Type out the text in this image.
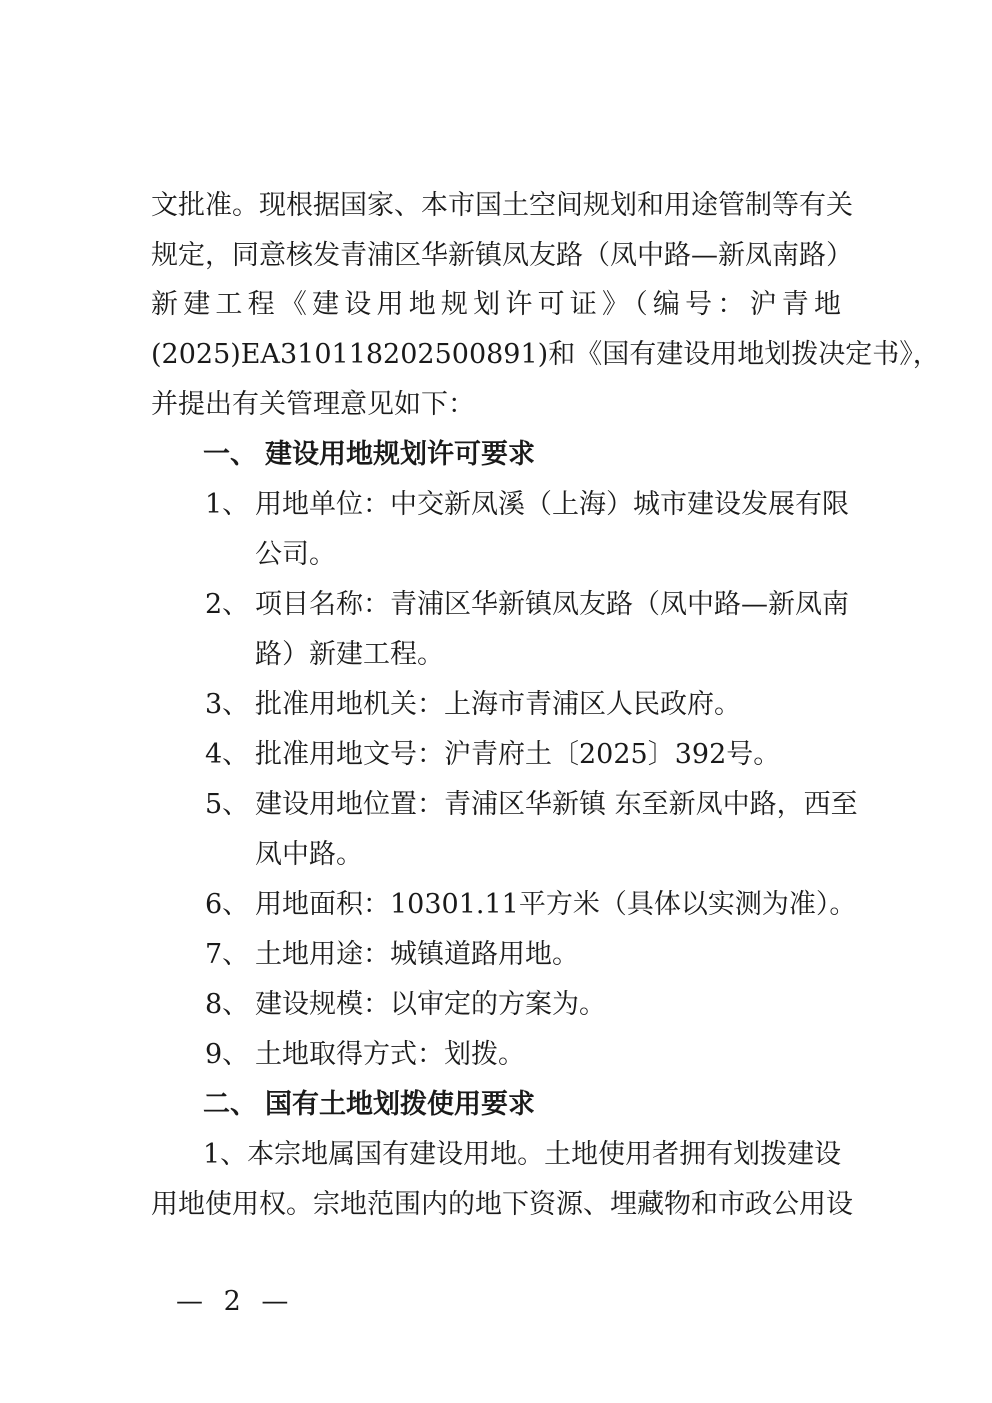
文批准。现根据国家、本市国土空间规划和用途管制等有关
规定，同意核发青浦区华新镇凤友路（凤中路—新凤南路）
新建工程《建设用地规划许可证》（编号：沪青地
(2025)EA310118202500891)和《国有建设用地划拨决定书》，
并提出有关管理意见如下：
一、 建设用地规划许可要求
1、 用地单位：中交新凤溪（上海）城市建设发展有限
公司。
2、 项目名称：青浦区华新镇凤友路（凤中路—新凤南
路）新建工程。
3、 批准用地机关：上海市青浦区人民政府。
4、 批准用地文号：沪青府土〔2025〕392号。
5、 建设用地位置：青浦区华新镇 东至新凤中路，西至
凤中路。
6、 用地面积：10301.11平方米（具体以实测为准）。
7、 土地用途：城镇道路用地。
8、 建设规模：以审定的方案为。
9、 土地取得方式：划拨。
二、 国有土地划拨使用要求
1、本宗地属国有建设用地。土地使用者拥有划拨建设
用地使用权。宗地范围内的地下资源、埋藏物和市政公用设
— 2 —
